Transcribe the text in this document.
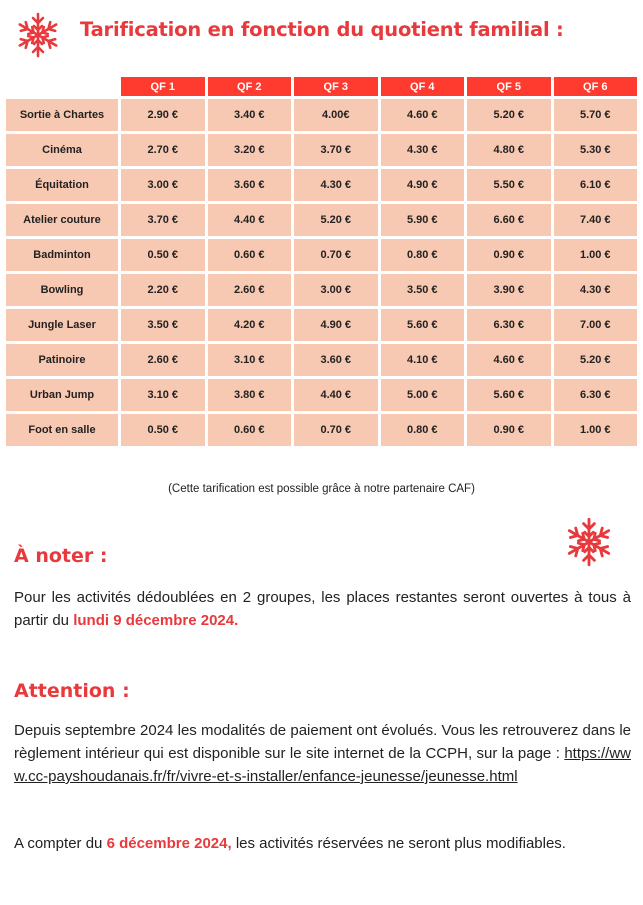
Tarification en fonction du quotient familial :
	QF 1	QF 2	QF 3	QF 4	QF 5	QF 6
Sortie à Chartes	2.90 €	3.40 €	4.00€	4.60 €	5.20 €	5.70 €
Cinéma	2.70 €	3.20 €	3.70 €	4.30 €	4.80 €	5.30 €
Équitation	3.00 €	3.60 €	4.30 €	4.90 €	5.50 €	6.10 €
Atelier couture	3.70 €	4.40 €	5.20 €	5.90 €	6.60 €	7.40 €
Badminton	0.50 €	0.60 €	0.70 €	0.80 €	0.90 €	1.00 €
Bowling	2.20 €	2.60 €	3.00 €	3.50 €	3.90 €	4.30 €
Jungle Laser	3.50 €	4.20 €	4.90 €	5.60 €	6.30 €	7.00 €
Patinoire	2.60 €	3.10 €	3.60 €	4.10 €	4.60 €	5.20 €
Urban Jump	3.10 €	3.80 €	4.40 €	5.00 €	5.60 €	6.30 €
Foot en salle	0.50 €	0.60 €	0.70 €	0.80 €	0.90 €	1.00 €
(Cette tarification est possible grâce à notre partenaire CAF)
À noter :
Pour les activités dédoublées en 2 groupes, les places restantes seront ouvertes à tous à partir du lundi 9 décembre 2024.
Attention :
Depuis septembre 2024 les modalités de paiement ont évolués. Vous les retrouverez dans le règlement intérieur qui est disponible sur le site internet de la CCPH, sur la page : https://www.cc-payshoudanais.fr/fr/vivre-et-s-installer/enfance-jeunesse/jeunesse.html
A compter du 6 décembre 2024, les activités réservées ne seront plus modifiables.
